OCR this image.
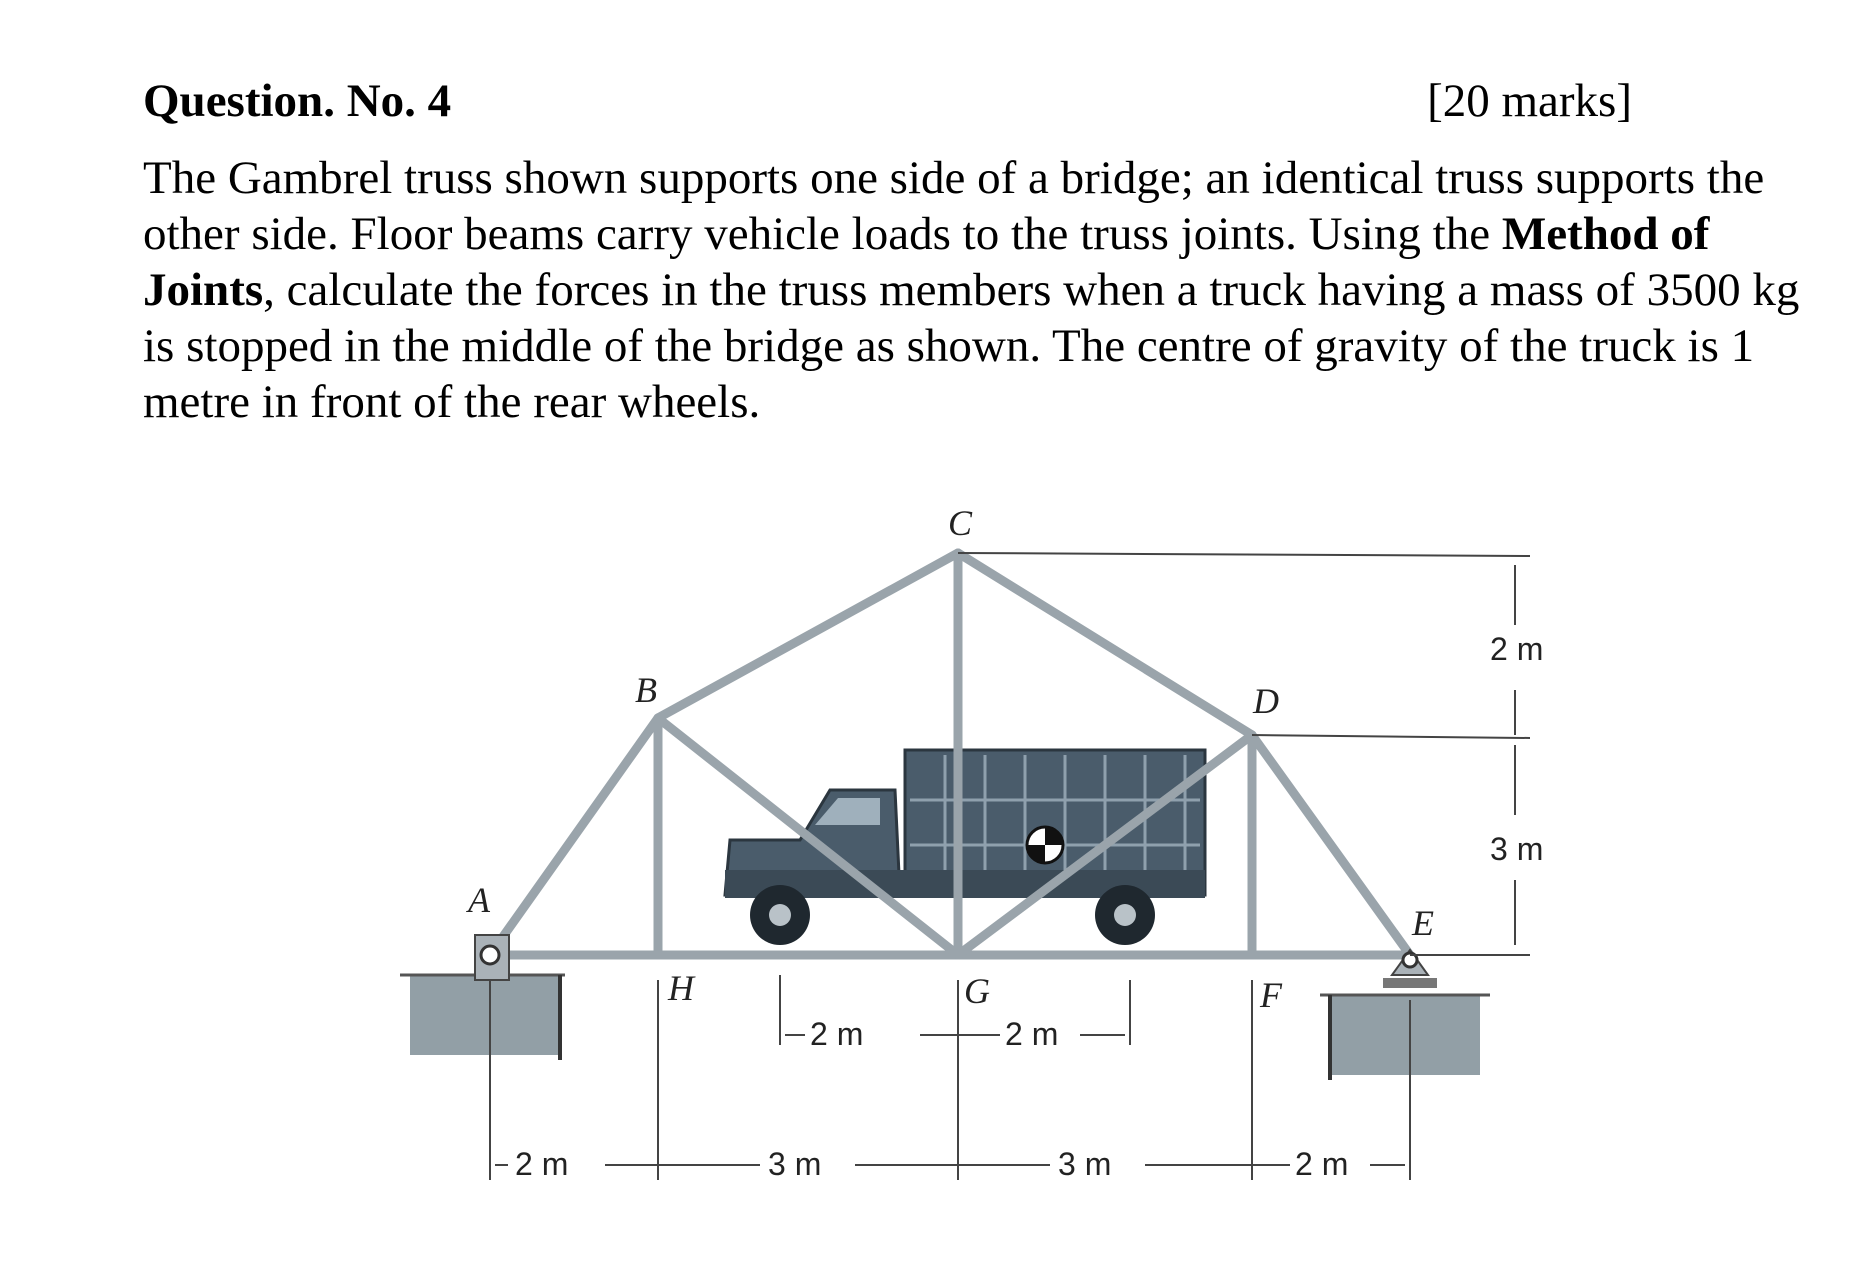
Question. No. 4	[20 marks]
The Gambrel truss shown supports one side of a bridge; an identical truss supports the other side. Floor beams carry vehicle loads to the truss joints. Using the Method of Joints, calculate the forces in the truss members when a truck having a mass of 3500 kg is stopped in the middle of the bridge as shown. The centre of gravity of the truck is 1 metre in front of the rear wheels.
A
B
C
D
E
F
G
H
2 m	2 m
2 m	3 m	3 m	2 m
2 m
3 m
